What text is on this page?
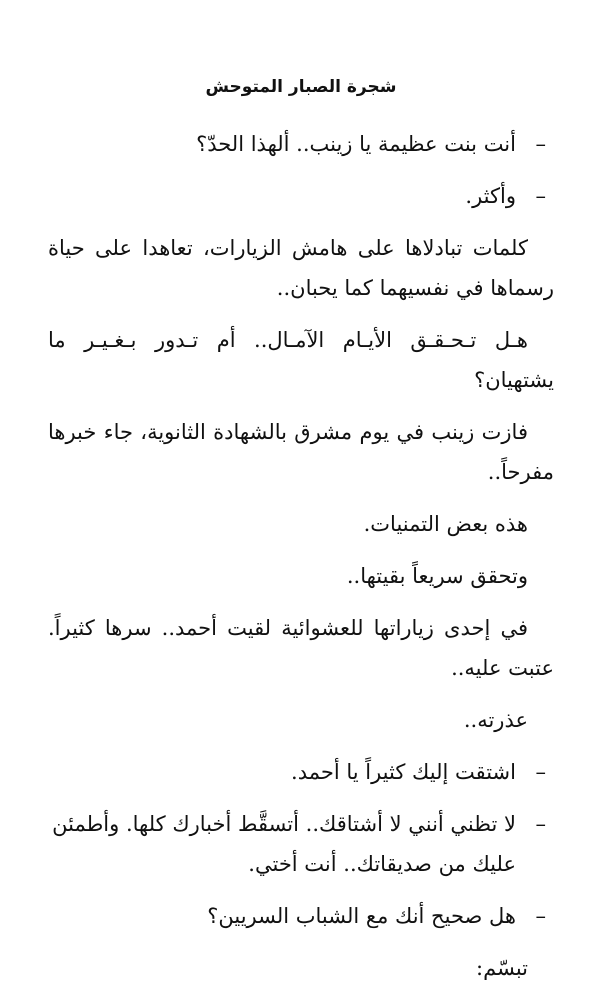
شجرة الصبار المتوحش
–
أنت بنت عظيمة يا زينب.. ألهذا الحدّ؟
–
وأكثر.

كلمات تبادلاها على هامش الزيارات، تعاهدا على حياة رسماها في نفسيهما كما يحبان..

هـل تـحـقـق الأيـام الآمـال.. أم تـدور بـغـيـر ما يشتهيان؟

فازت زينب في يوم مشرق بالشهادة الثانوية، جاء خبرها مفرحاً..

هذه بعض التمنيات.

وتحقق سريعاً بقيتها..

في إحدى زياراتها للعشوائية لقيت أحمد.. سرها كثيراً. عتبت عليه..

عذرته..

–
اشتقت إليك كثيراً يا أحمد.
–
لا تظني أنني لا أشتاقك.. أتسقَّط أخبارك كلها. وأطمئن عليك من صديقاتك.. أنت أختي.
–
هل صحيح أنك مع الشباب السريين؟

تبسّم:
